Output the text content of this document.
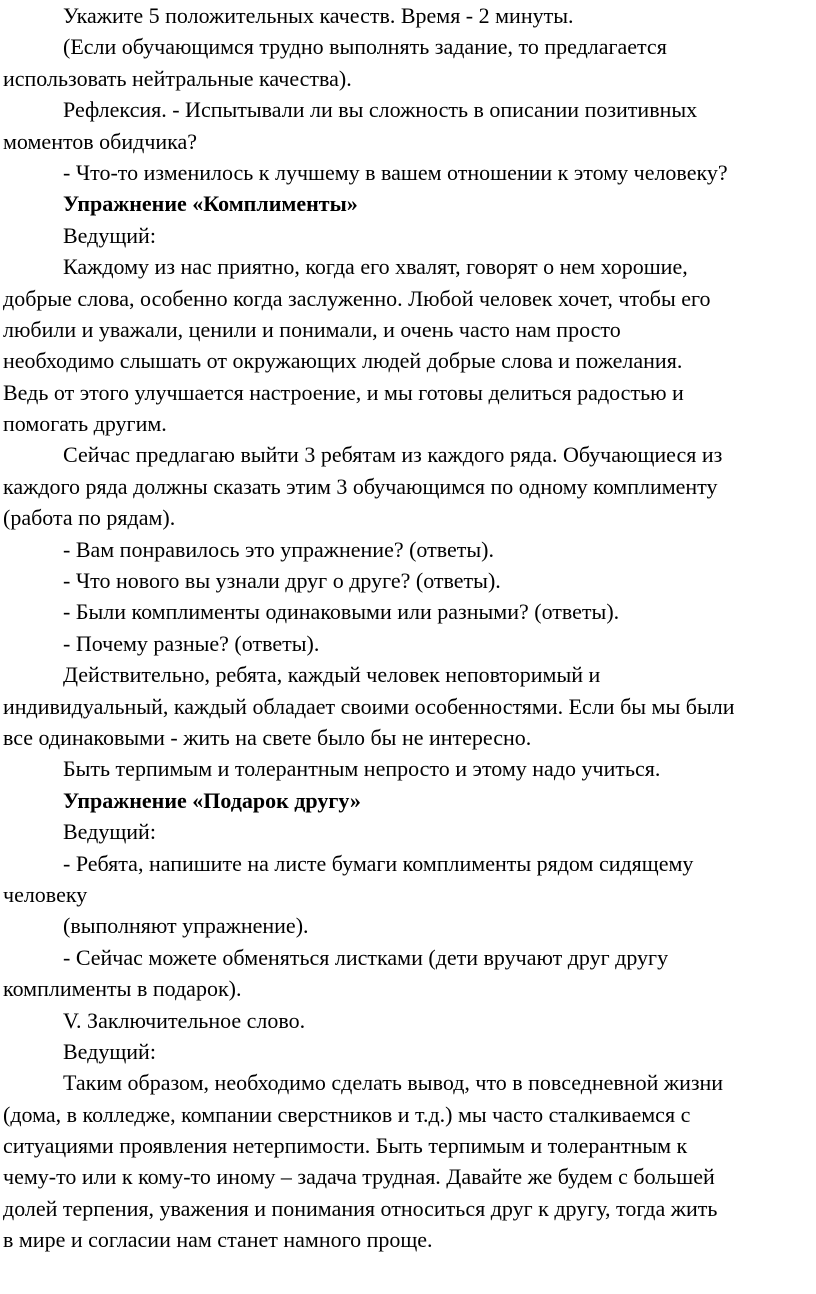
Укажите 5 положительных качеств. Время - 2 минуты.
(Если обучающимся трудно выполнять задание, то предлагается
использовать нейтральные качества).
Рефлексия. - Испытывали ли вы сложность в описании позитивных
моментов обидчика?
- Что-то изменилось к лучшему в вашем отношении к этому человеку?
Упражнение «Комплименты»
Ведущий:
Каждому из нас приятно, когда его хвалят, говорят о нем хорошие,
добрые слова, особенно когда заслуженно. Любой человек хочет, чтобы его
любили и уважали, ценили и понимали, и очень часто нам просто
необходимо слышать от окружающих людей добрые слова и пожелания.
Ведь от этого улучшается настроение, и мы готовы делиться радостью и
помогать другим.
Сейчас предлагаю выйти 3 ребятам из каждого ряда. Обучающиеся из
каждого ряда должны сказать этим 3 обучающимся по одному комплименту
(работа по рядам).
- Вам понравилось это упражнение? (ответы).
- Что нового вы узнали друг о друге? (ответы).
- Были комплименты одинаковыми или разными? (ответы).
- Почему разные? (ответы).
Действительно, ребята, каждый человек неповторимый и
индивидуальный, каждый обладает своими особенностями. Если бы мы были
все одинаковыми - жить на свете было бы не интересно.
Быть терпимым и толерантным непросто и этому надо учиться.
Упражнение «Подарок другу»
Ведущий:
- Ребята, напишите на листе бумаги комплименты рядом сидящему
человеку
(выполняют упражнение).
- Сейчас можете обменяться листками (дети вручают друг другу
комплименты в подарок).
V. Заключительное слово.
Ведущий:
Таким образом, необходимо сделать вывод, что в повседневной жизни
(дома, в колледже, компании сверстников и т.д.) мы часто сталкиваемся с
ситуациями проявления нетерпимости. Быть терпимым и толерантным к
чему-то или к кому-то иному – задача трудная. Давайте же будем с большей
долей терпения, уважения и понимания относиться друг к другу, тогда жить
в мире и согласии нам станет намного проще.
